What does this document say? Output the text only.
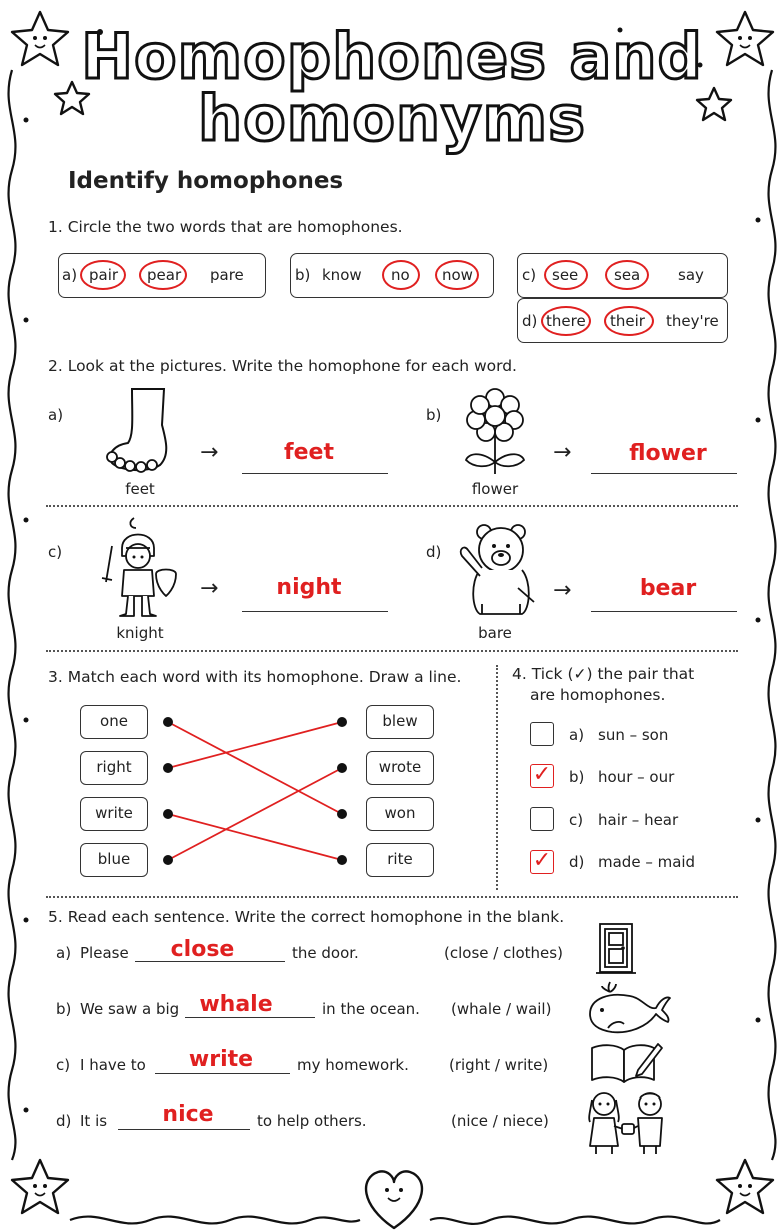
Homophones and
homonyms
Identify homophones
1. Circle the two words that are homophones.
a) pair pear pare	b) know no now	c) see sea	say
d) there their they're
2. Look at the pictures. Write the homophone for each word.
a)
feet
→	feet
b)
flower
→	flower
c)
knight
→	night
d)
bare
→	bear
3. Match each word with its homophone. Draw a line.
one
right
write
blue
blew
wrote
won
rite
4. Tick (✓) the pair that
are homophones.
a) sun – son
✓ b) hour – our
c) hair – hear
✓ d) made – maid
5. Read each sentence. Write the correct homophone in the blank.
a) Please	close	the door.	(close / clothes)
b) We saw a big whale	in the ocean. (whale / wail)
c) I have to	write	my homework.	(right / write)
d) It is	nice	to help others.	(nice / niece)
